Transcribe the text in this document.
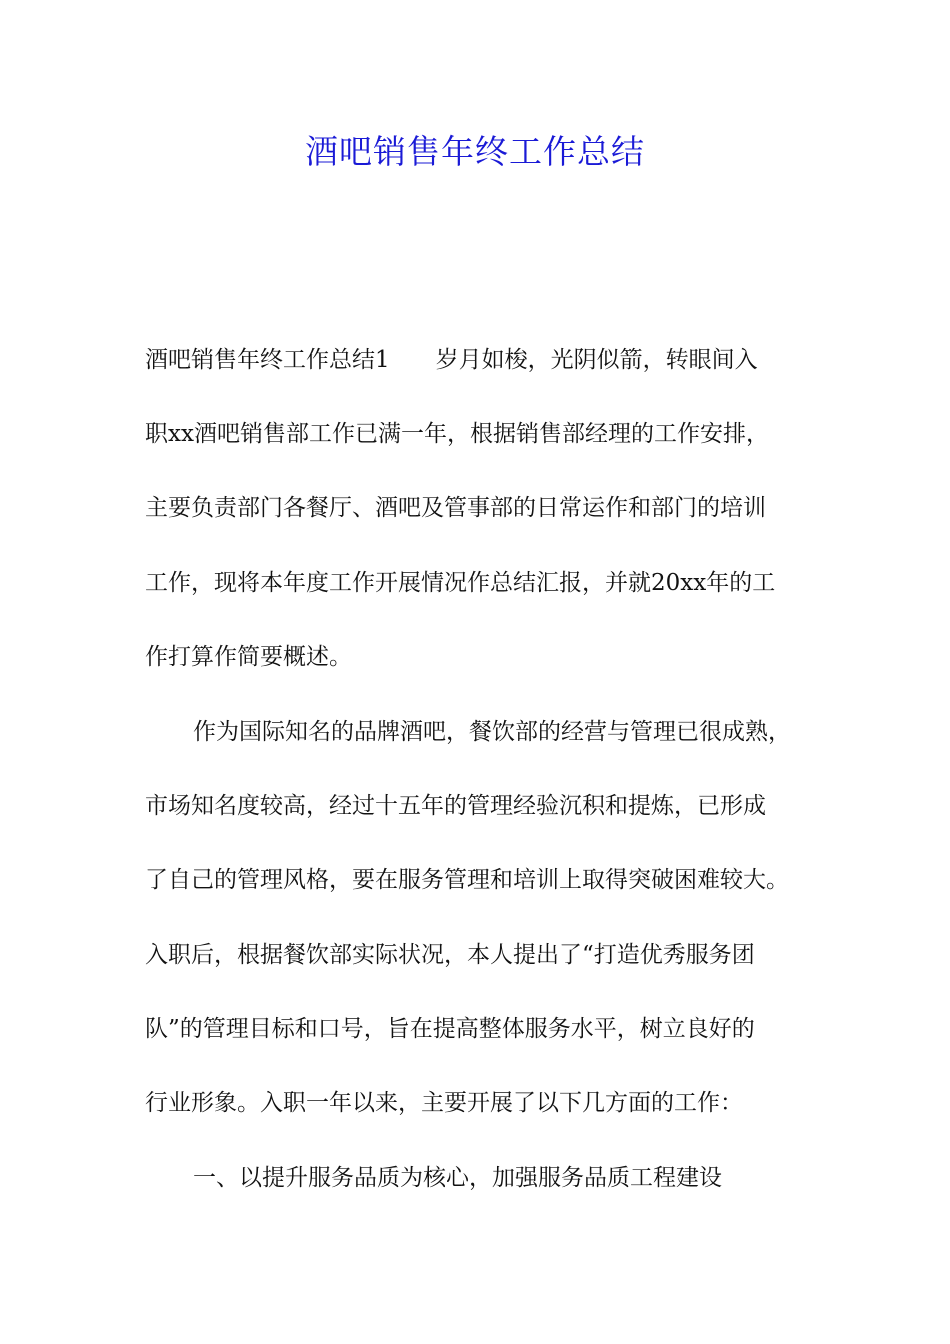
酒吧销售年终工作总结
酒吧销售年终工作总结1　　岁月如梭，光阴似箭，转眼间入
职xx酒吧销售部工作已满一年，根据销售部经理的工作安排，
主要负责部门各餐厅、酒吧及管事部的日常运作和部门的培训
工作，现将本年度工作开展情况作总结汇报，并就20xx年的工
作打算作简要概述。
作为国际知名的品牌酒吧，餐饮部的经营与管理已很成熟，
市场知名度较高，经过十五年的管理经验沉积和提炼，已形成
了自己的管理风格，要在服务管理和培训上取得突破困难较大。
入职后，根据餐饮部实际状况，本人提出了“打造优秀服务团
队”的管理目标和口号，旨在提高整体服务水平，树立良好的
行业形象。入职一年以来，主要开展了以下几方面的工作：
一、以提升服务品质为核心，加强服务品质工程建设
